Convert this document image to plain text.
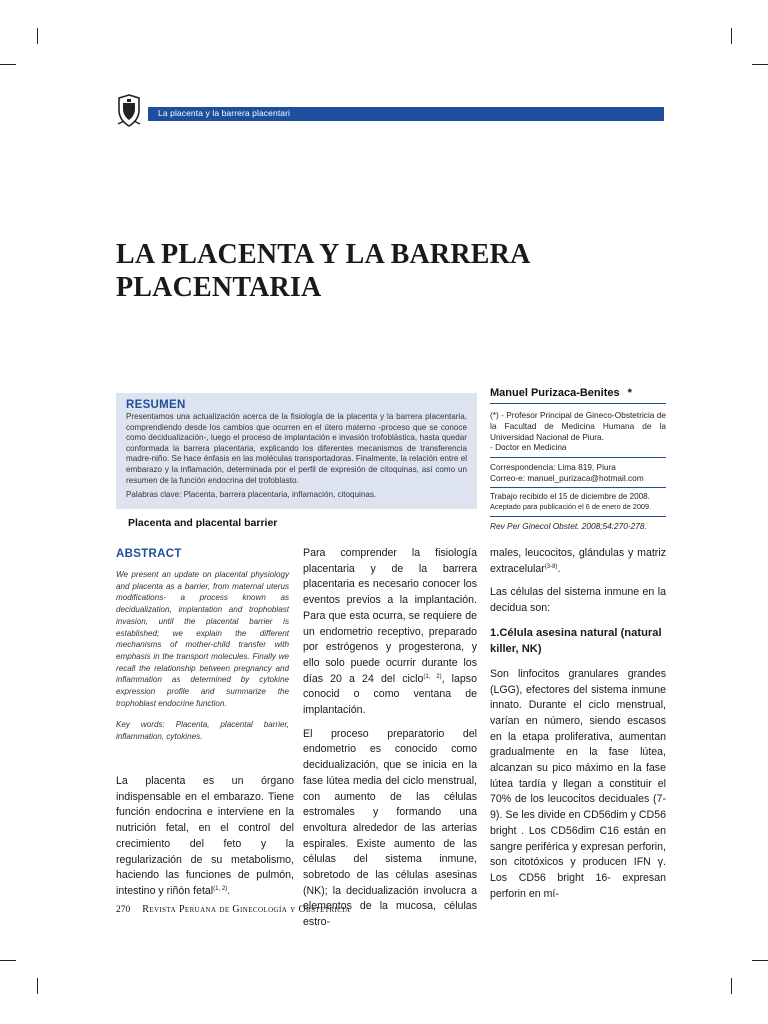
La placenta y la barrera placentari
LA PLACENTA Y LA BARRERA
PLACENTARIA
RESUMEN

Presentamos una actualización acerca de la fisiología de la placenta y la barrera placentaria, comprendiendo desde los cambios que ocurren en el útero materno -proceso que se conoce como decidualización-, luego el proceso de implantación e invasión trofoblástica, hasta quedar conformada la barrera placentaria, explicando los diferentes mecanismos de transferencia madre-niño. Se hace énfasis en las moléculas transportadoras. Finalmente, la relación entre el embarazo y la inflamación, determinada por el perfil de expresión de citoquinas, así como un resumen de la función endocrina del trofoblasto.

Palabras clave: Placenta, barrera placentaria, inflamación, citoquinas.

Placenta and placental barrier
Manuel Purizaca-Benites *
(*) - Profesor Principal de Gineco-Obstetricia de la Facultad de Medicina Humana de la Universidad Nacional de Piura.
- Doctor en Medicina
Correspondencia: Lima 819, Piura
Correo-e: manuel_purizaca@hotmail.com
Trabajo recibido el 15 de diciembre de 2008.
Aceptado para publicación el 6 de enero de 2009.
Rev Per Ginecol Obstet. 2008;54:270-278.
ABSTRACT

We present an update on placental physiology and placenta as a barrier, from maternal uterus modifications- a process known as decidualization, implantation and trophoblast invasion, until the placental barrier is established; we explain the different mechanisms of mother-child transfer with emphasis in the transport molecules. Finally we recall the relationship between pregnancy and inflammation as determined by cytokine expression profile and summarize the trophoblast endocrine function.

Key words: Placenta, placental barrier, inflammation, cytokines.

La placenta es un órgano indispensable en el embarazo. Tiene función endocrina e interviene en la nutrición fetal, en el control del crecimiento del feto y la regularización de su metabolismo, haciendo las funciones de pulmón, intestino y riñón fetal$^{(1, 2)}$.

Para comprender la fisiología placentaria y de la barrera placentaria es necesario conocer los eventos previos a la implantación. Para que esta ocurra, se requiere de un endometrio receptivo, preparado por estrógenos y progesterona, y ello solo puede ocurrir durante los días 20 a 24 del ciclo$^{(1, 2)}$, lapso conocid o como ventana de implantación.

El proceso preparatorio del endometrio es conocido como decidualización, que se inicia en la fase lútea media del ciclo menstrual, con aumento de las células estromales y formando una envoltura alrededor de las arterias espirales. Existe aumento de las células del sistema inmune, sobretodo de las células asesinas (NK); la decidualización involucra a elementos de la mucosa, células estro-

males, leucocitos, glándulas y matriz extracelular$^{(3-8)}$.

Las células del sistema inmune en la decidua son:

1.Célula asesina natural (natural killer, NK)

Son linfocitos granulares grandes (LGG), efectores del sistema inmune innato. Durante el ciclo menstrual, varían en número, siendo escasos en la etapa proliferativa, aumentan gradualmente en la fase lútea, alcanzan su pico máximo en la fase lútea tardía y llegan a constituir el 70% de los leucocitos deciduales (7-9). Se les divide en CD56dim y CD56 bright . Los CD56dim C16 están en sangre periférica y expresan perforin, son citotóxicos y producen IFN γ. Los CD56 bright 16- expresan perforin en mí-

270 Revista Peruana de Ginecología y Obstetricia
